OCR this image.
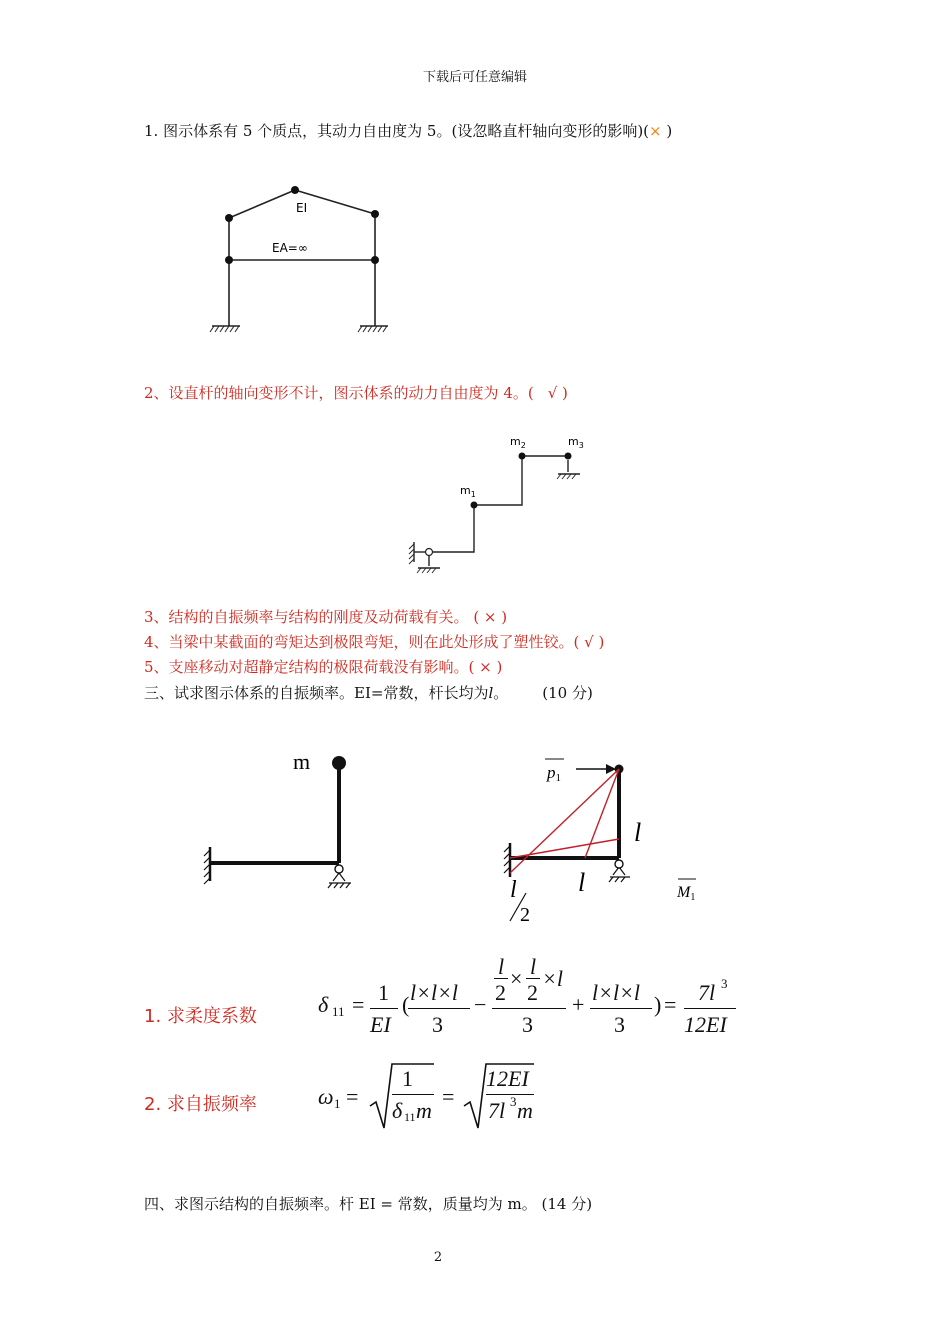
下载后可任意编辑
1. 图示体系有 5 个质点，其动力自由度为 5。(设忽略直杆轴向变形的影响)(× )
EI
EA=∞
2、设直杆的轴向变形不计，图示体系的动力自由度为 4。( √ )
$m_1$
$m_2$	$m_3$
3、结构的自振频率与结构的刚度及动荷载有关。 ( × )
4、当梁中某截面的弯矩达到极限弯矩，则在此处形成了塑性铰。( √ )
5、支座移动对超静定结构的极限荷载没有影响。( × )
三、试求图示体系的自振频率。EI=常数，杆长均为l。 (10 分)
m	p1
l
l
l
2
M1
1. 求柔度系数	δ 11 = 1
EI
( l×l×l
3
−
l
2
× l
2
×l
3
+ l×l×l
3
) = 7l 3
12EI
2. 求自振频率	ω 1 =
1
δ 11 m
=
12EI
7l 3 m
四、求图示结构的自振频率。杆 EI = 常数，质量均为 m。 (14 分)
2
